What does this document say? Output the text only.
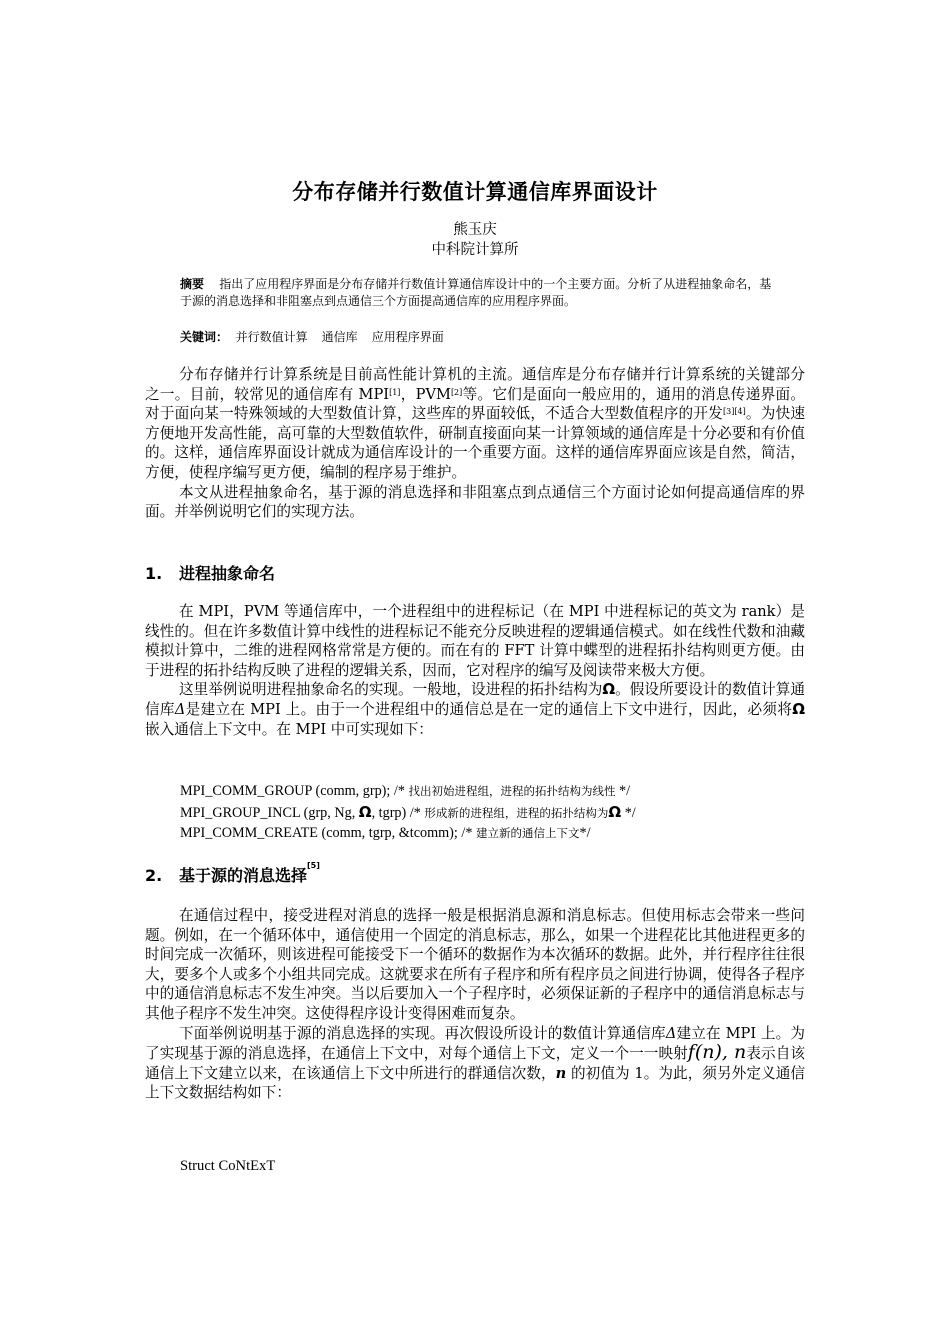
分布存储并行数值计算通信库界面设计
熊玉庆
中科院计算所
摘要 指出了应用程序界面是分布存储并行数值计算通信库设计中的一个主要方面。分析了从进程抽象命名，基于源的消息选择和非阻塞点到点通信三个方面提高通信库的应用程序界面。
关键词： 并行数值计算 通信库 应用程序界面

分布存储并行计算系统是目前高性能计算机的主流。通信库是分布存储并行计算系统的关键部分之一。目前，较常见的通信库有 MPI[1]，PVM[2]等。它们是面向一般应用的，通用的消息传递界面。对于面向某一特殊领域的大型数值计算，这些库的界面较低，不适合大型数值程序的开发[3][4]。为快速方便地开发高性能，高可靠的大型数值软件，研制直接面向某一计算领域的通信库是十分必要和有价值的。这样，通信库界面设计就成为通信库设计的一个重要方面。这样的通信库界面应该是自然，简洁，方便，使程序编写更方便，编制的程序易于维护。

本文从进程抽象命名，基于源的消息选择和非阻塞点到点通信三个方面讨论如何提高通信库的界面。并举例说明它们的实现方法。

1. 进程抽象命名

在 MPI，PVM 等通信库中，一个进程组中的进程标记（在 MPI 中进程标记的英文为 rank）是线性的。但在许多数值计算中线性的进程标记不能充分反映进程的逻辑通信模式。如在线性代数和油藏模拟计算中，二维的进程网格常常是方便的。而在有的 FFT 计算中蝶型的进程拓扑结构则更方便。由于进程的拓扑结构反映了进程的逻辑关系，因而，它对程序的编写及阅读带来极大方便。

这里举例说明进程抽象命名的实现。一般地，设进程的拓扑结构为Ω。假设所要设计的数值计算通信库Δ是建立在 MPI 上。由于一个进程组中的通信总是在一定的通信上下文中进行，因此，必须将Ω嵌入通信上下文中。在 MPI 中可实现如下：

MPI_COMM_GROUP (comm, grp); /* 找出初始进程组，进程的拓扑结构为线性 */
MPI_GROUP_INCL (grp, Ng, Ω, tgrp) /* 形成新的进程组，进程的拓扑结构为Ω */
MPI_COMM_CREATE (comm, tgrp, &tcomm); /* 建立新的通信上下文*/
2. 基于源的消息选择[5]

在通信过程中，接受进程对消息的选择一般是根据消息源和消息标志。但使用标志会带来一些问题。例如，在一个循环体中，通信使用一个固定的消息标志，那么，如果一个进程花比其他进程更多的时间完成一次循环，则该进程可能接受下一个循环的数据作为本次循环的数据。此外，并行程序往往很大，要多个人或多个小组共同完成。这就要求在所有子程序和所有程序员之间进行协调，使得各子程序中的通信消息标志不发生冲突。当以后要加入一个子程序时，必须保证新的子程序中的通信消息标志与其他子程序不发生冲突。这使得程序设计变得困难而复杂。

下面举例说明基于源的消息选择的实现。再次假设所设计的数值计算通信库Δ建立在 MPI 上。为了实现基于源的消息选择，在通信上下文中，对每个通信上下文，定义一个一一映射f(n), n表示自该通信上下文建立以来，在该通信上下文中所进行的群通信次数，n 的初值为 1。为此，须另外定义通信上下文数据结构如下：

Struct CoNtExT
